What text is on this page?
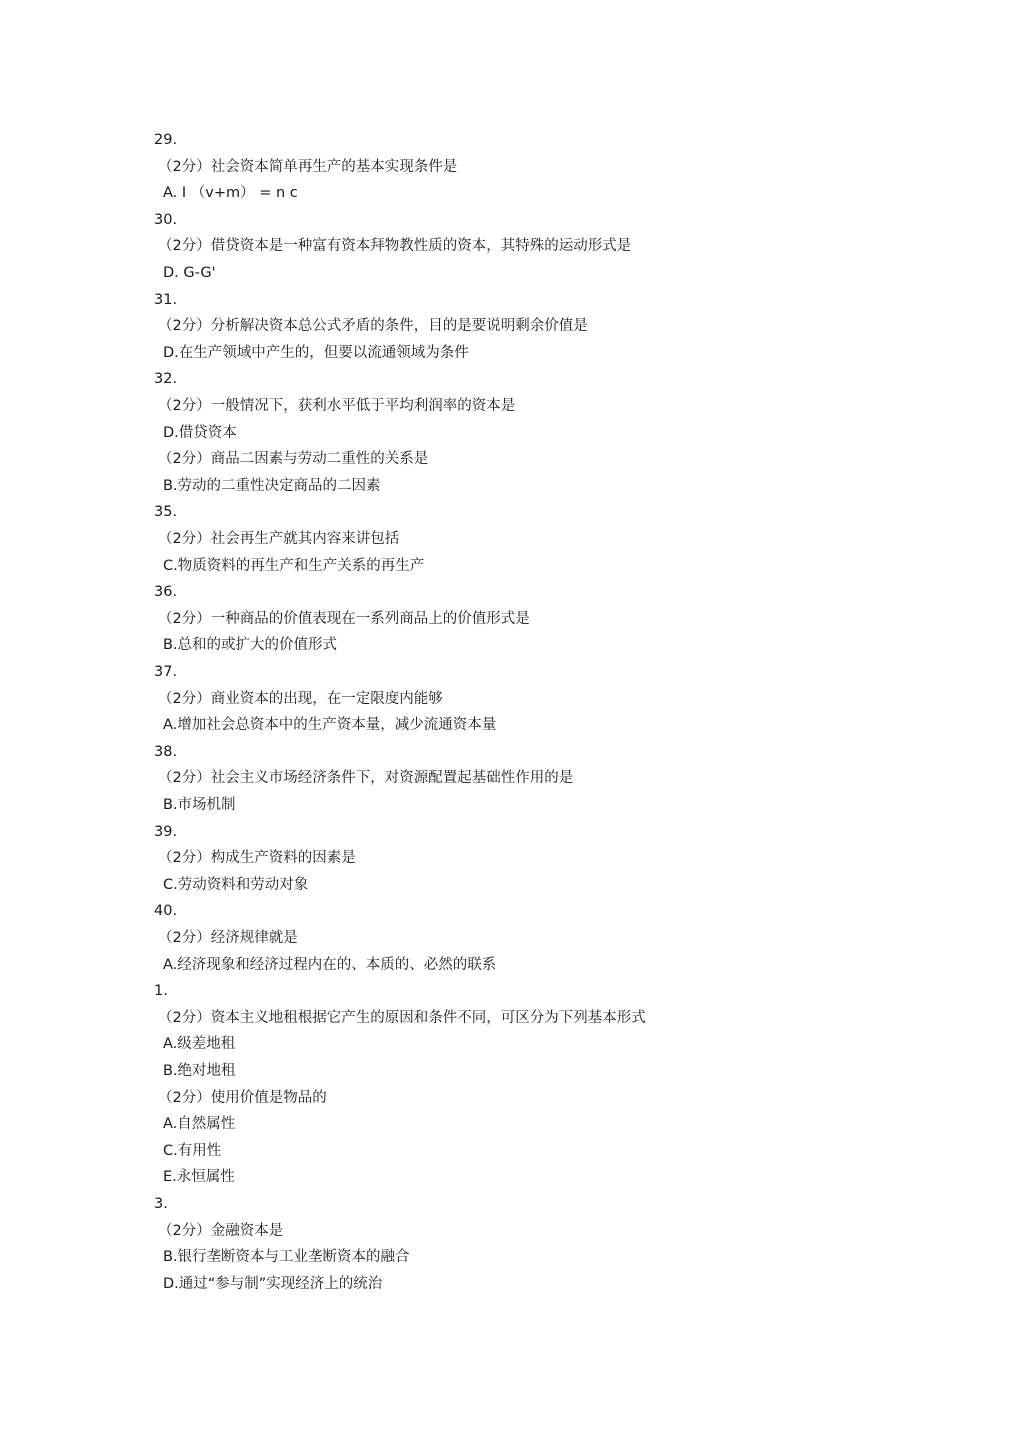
29.
（2分）社会资本简单再生产的基本实现条件是
A. I （v+m） = n c
30.
（2分）借贷资本是一种富有资本拜物教性质的资本，其特殊的运动形式是
D. G-G'
31.
（2分）分析解决资本总公式矛盾的条件，目的是要说明剩余价值是
D.在生产领域中产生的，但要以流通领域为条件
32.
（2分）一般情况下，获利水平低于平均利润率的资本是
D.借贷资本
（2分）商品二因素与劳动二重性的关系是
B.劳动的二重性决定商品的二因素
35.
（2分）社会再生产就其内容来讲包括
C.物质资料的再生产和生产关系的再生产
36.
（2分）一种商品的价值表现在一系列商品上的价值形式是
B.总和的或扩大的价值形式
37.
（2分）商业资本的出现，在一定限度内能够
A.增加社会总资本中的生产资本量，减少流通资本量
38.
（2分）社会主义市场经济条件下，对资源配置起基础性作用的是
B.市场机制
39.
（2分）构成生产资料的因素是
C.劳动资料和劳动对象
40.
（2分）经济规律就是
A.经济现象和经济过程内在的、本质的、必然的联系
1.
（2分）资本主义地租根据它产生的原因和条件不同，可区分为下列基本形式
A.级差地租
B.绝对地租
（2分）使用价值是物品的
A.自然属性
C.有用性
E.永恒属性
3.
（2分）金融资本是
B.银行垄断资本与工业垄断资本的融合
D.通过“参与制”实现经济上的统治
